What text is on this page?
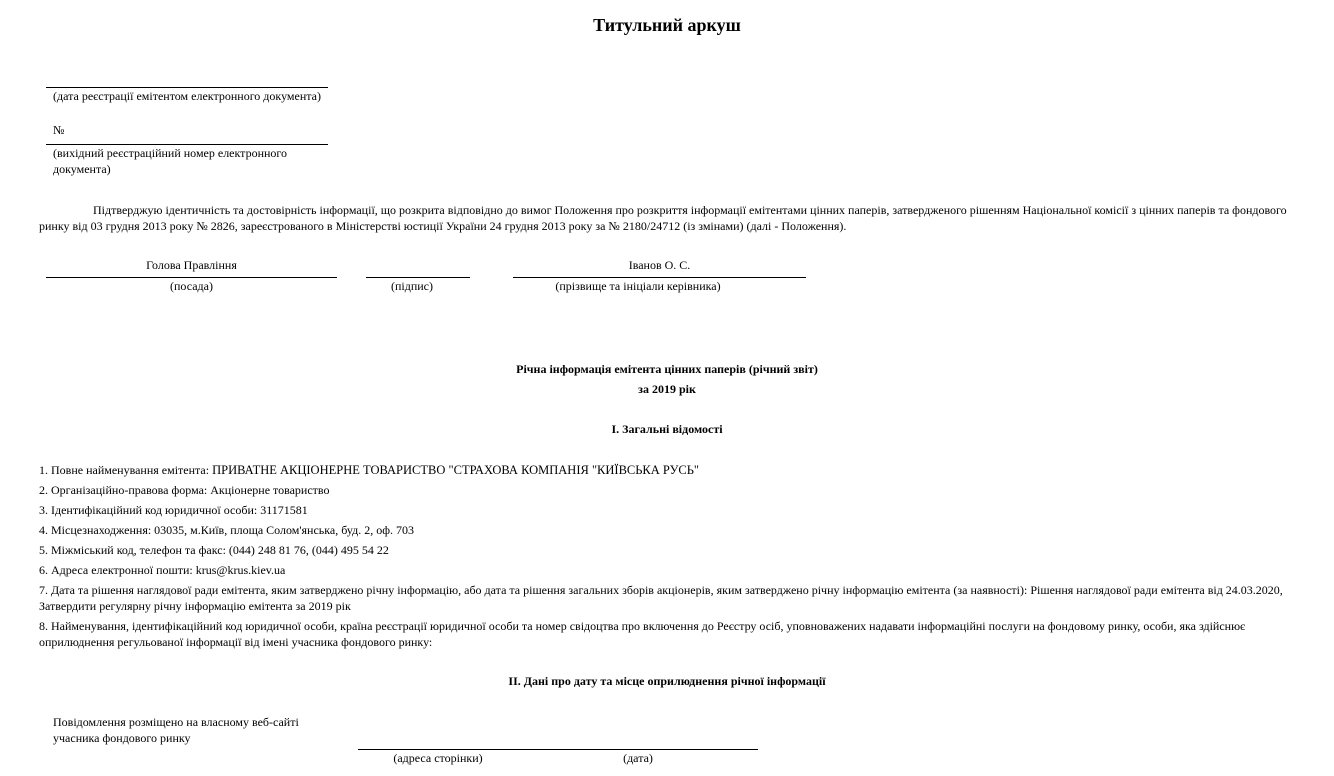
Титульний аркуш
(дата реєстрації емітентом електронного документа)
№
(вихідний реєстраційний номер електронного документа)
Підтверджую ідентичність та достовірність інформації, що розкрита відповідно до вимог Положення про розкриття інформації емітентами цінних паперів, затвердженого рішенням Національної комісії з цінних паперів та фондового ринку від 03 грудня 2013 року № 2826, зареєстрованого в Міністерстві юстиції України 24 грудня 2013 року за № 2180/24712 (із змінами) (далі - Положення).
Голова Правління
(посада)	(підпис)
Іванов О. С.
(прізвище та ініціали керівника)
Річна інформація емітента цінних паперів (річний звіт)
за 2019 рік
I. Загальні відомості
1. Повне найменування емітента: ПРИВАТНЕ АКЦIОНЕРНЕ ТОВАРИСТВО "СТРАХОВА КОМПАНIЯ "КИЇВСЬКА РУСЬ"
2. Організаційно-правова форма: Акціонерне товариство
3. Ідентифікаційний код юридичної особи: 31171581
4. Місцезнаходження: 03035, м.Київ, площа Солом'янська, буд. 2, оф. 703
5. Міжміський код, телефон та факс: (044) 248 81 76, (044) 495 54 22
6. Адреса електронної пошти: krus@krus.kiev.ua
7. Дата та рішення наглядової ради емітента, яким затверджено річну інформацію, або дата та рішення загальних зборів акціонерів, яким затверджено річну інформацію емітента (за наявності): Рiшення наглядової ради емiтента від 24.03.2020, Затвердити регулярну рiчну iнформацiю емiтента за 2019 рiк
8. Найменування, ідентифікаційний код юридичної особи, країна реєстрації юридичної особи та номер свідоцтва про включення до Реєстру осіб, уповноважених надавати інформаційні послуги на фондовому ринку, особи, яка здійснює оприлюднення регульованої інформації від імені учасника фондового ринку:
II. Дані про дату та місце оприлюднення річної інформації
Повідомлення розміщено на власному веб-сайті учасника фондового ринку
(адреса сторінки)	(дата)
